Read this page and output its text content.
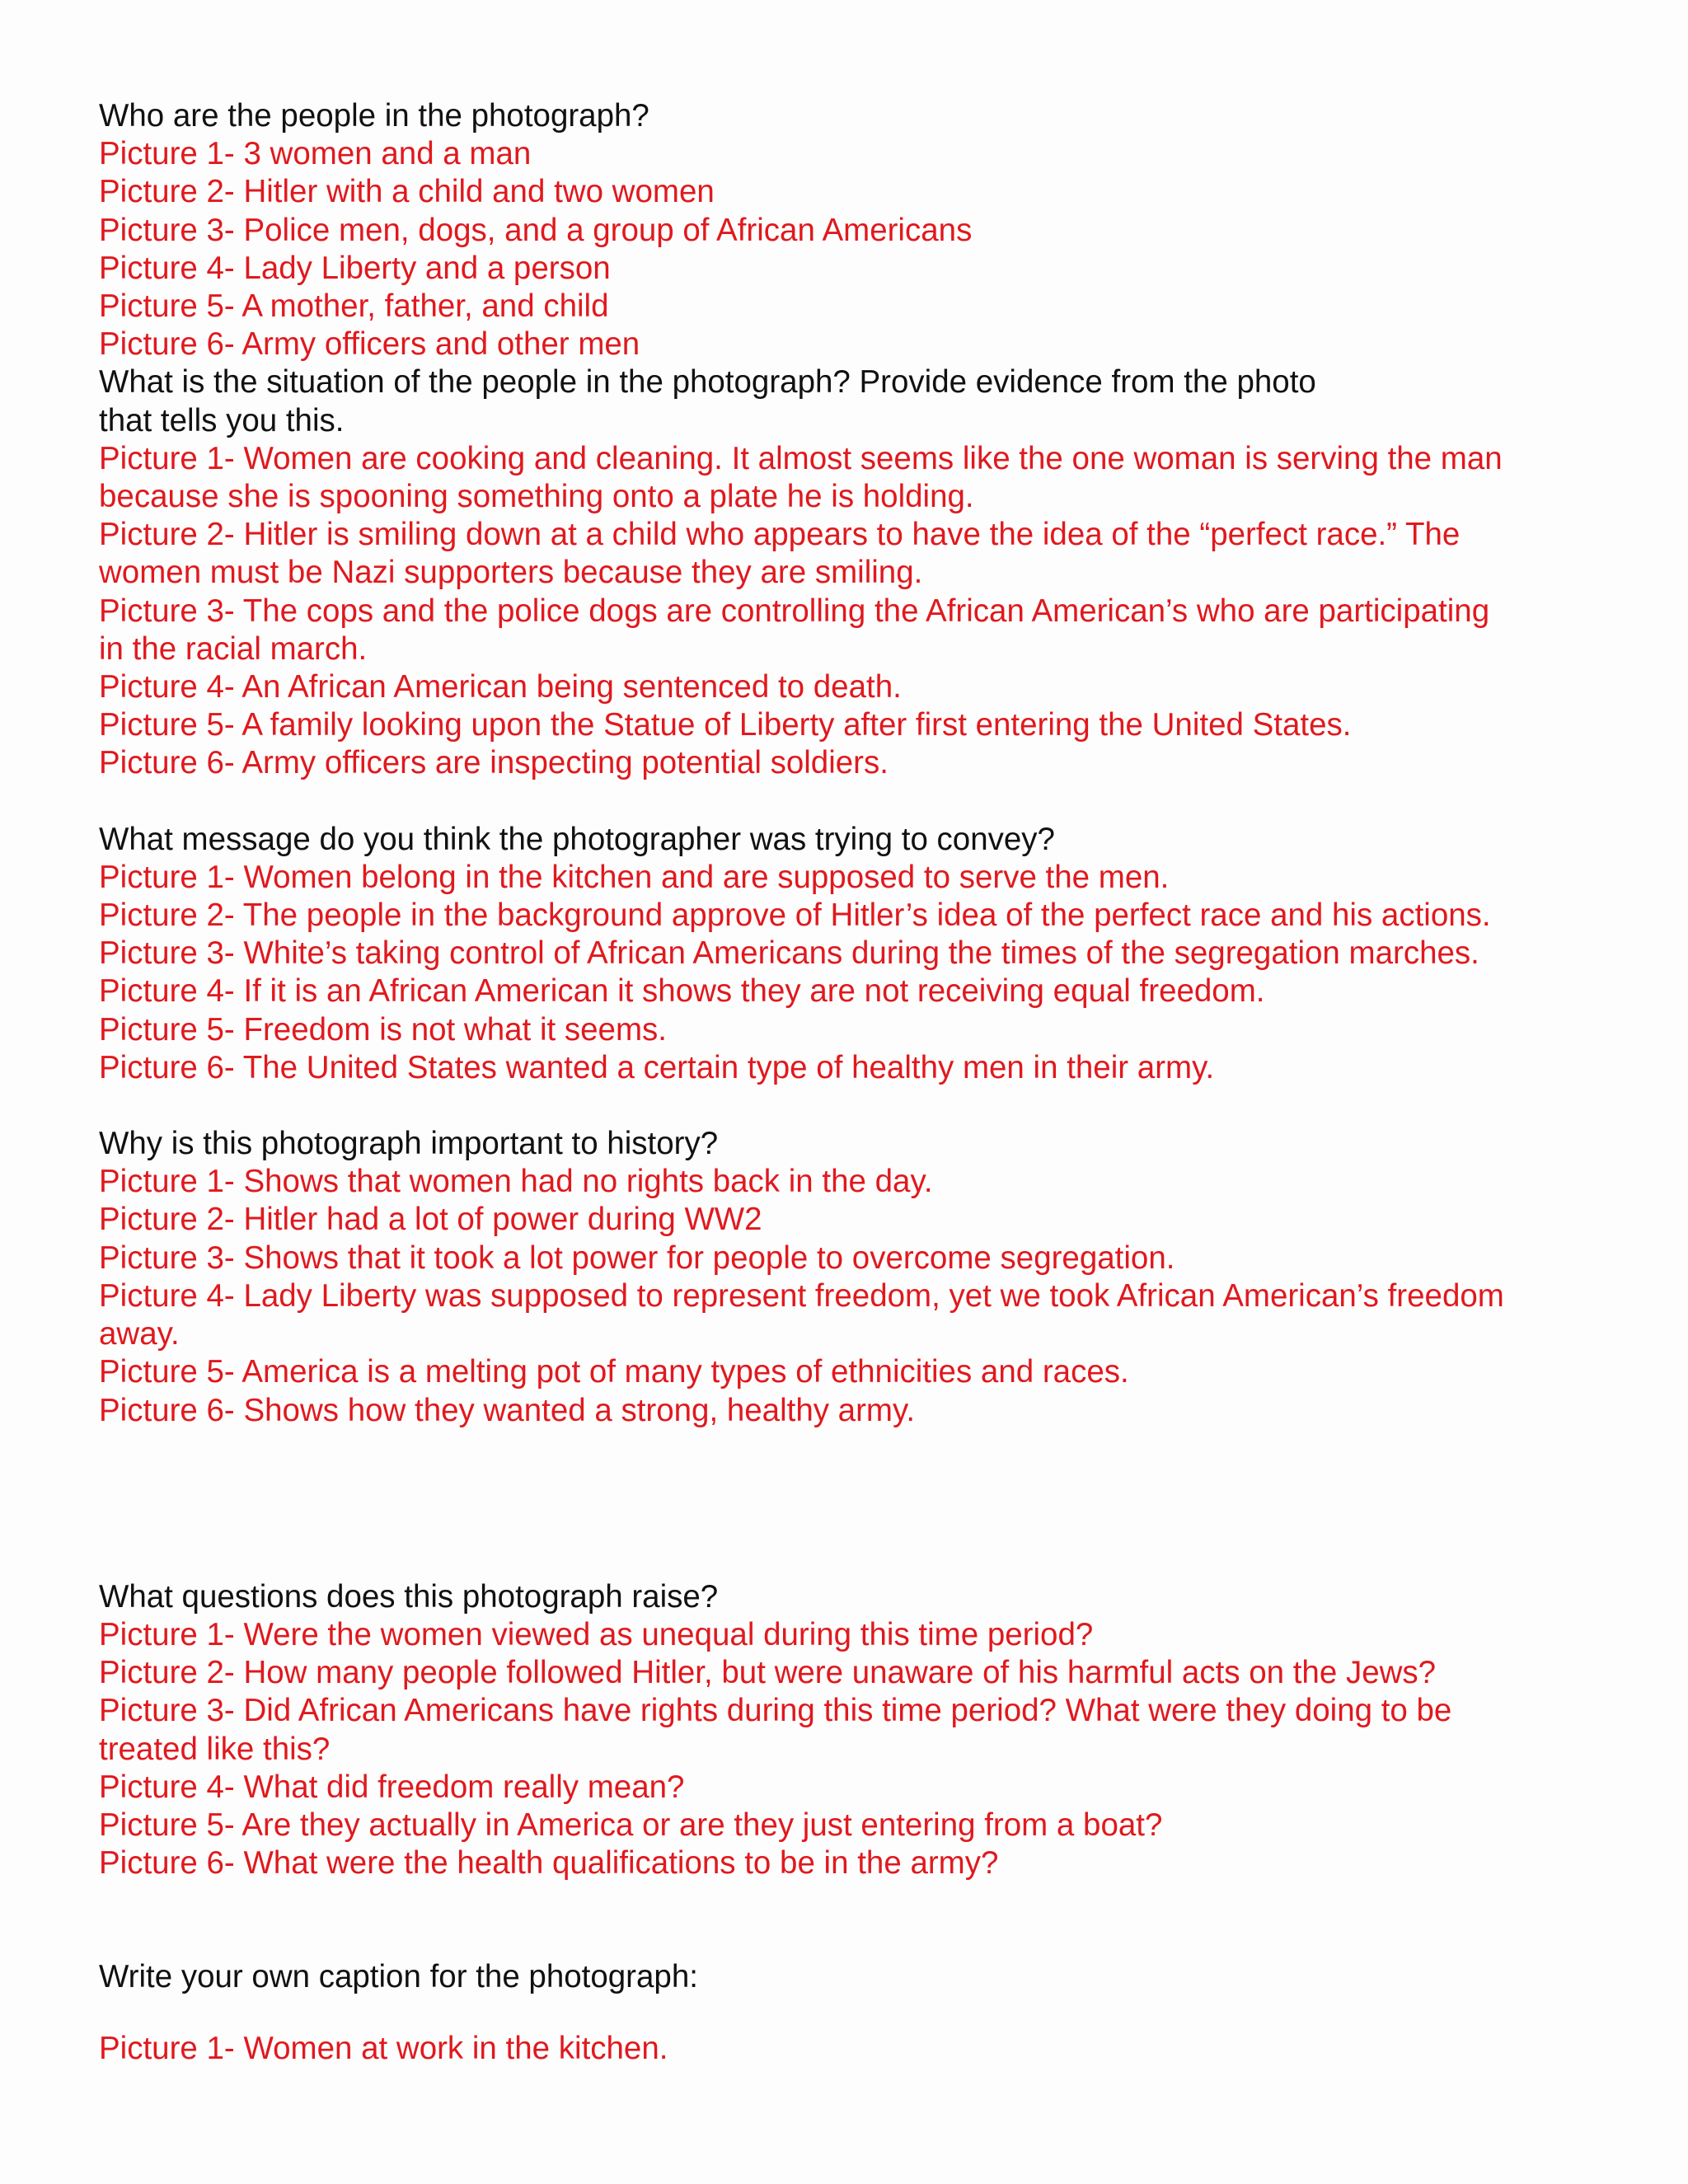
Who are the people in the photograph?
Picture 1- 3 women and a man
Picture 2- Hitler with a child and two women
Picture 3- Police men, dogs, and a group of African Americans
Picture 4- Lady Liberty and a person
Picture 5- A mother, father, and child
Picture 6- Army officers and other men
What is the situation of the people in the photograph? Provide evidence from the photo
that tells you this.
Picture 1- Women are cooking and cleaning. It almost seems like the one woman is serving the man
because she is spooning something onto a plate he is holding.
Picture 2- Hitler is smiling down at a child who appears to have the idea of the “perfect race.” The
women must be Nazi supporters because they are smiling.
Picture 3- The cops and the police dogs are controlling the African American’s who are participating
in the racial march.
Picture 4- An African American being sentenced to death.
Picture 5- A family looking upon the Statue of Liberty after first entering the United States.
Picture 6- Army officers are inspecting potential soldiers.
What message do you think the photographer was trying to convey?
Picture 1- Women belong in the kitchen and are supposed to serve the men.
Picture 2- The people in the background approve of Hitler’s idea of the perfect race and his actions.
Picture 3- White’s taking control of African Americans during the times of the segregation marches.
Picture 4- If it is an African American it shows they are not receiving equal freedom.
Picture 5- Freedom is not what it seems.
Picture 6- The United States wanted a certain type of healthy men in their army.
Why is this photograph important to history?
Picture 1- Shows that women had no rights back in the day.
Picture 2- Hitler had a lot of power during WW2
Picture 3- Shows that it took a lot power for people to overcome segregation.
Picture 4- Lady Liberty was supposed to represent freedom, yet we took African American’s freedom
away.
Picture 5- America is a melting pot of many types of ethnicities and races.
Picture 6- Shows how they wanted a strong, healthy army.
What questions does this photograph raise?
Picture 1- Were the women viewed as unequal during this time period?
Picture 2- How many people followed Hitler, but were unaware of his harmful acts on the Jews?
Picture 3- Did African Americans have rights during this time period? What were they doing to be
treated like this?
Picture 4- What did freedom really mean?
Picture 5- Are they actually in America or are they just entering from a boat?
Picture 6- What were the health qualifications to be in the army?
Write your own caption for the photograph:
Picture 1- Women at work in the kitchen.
